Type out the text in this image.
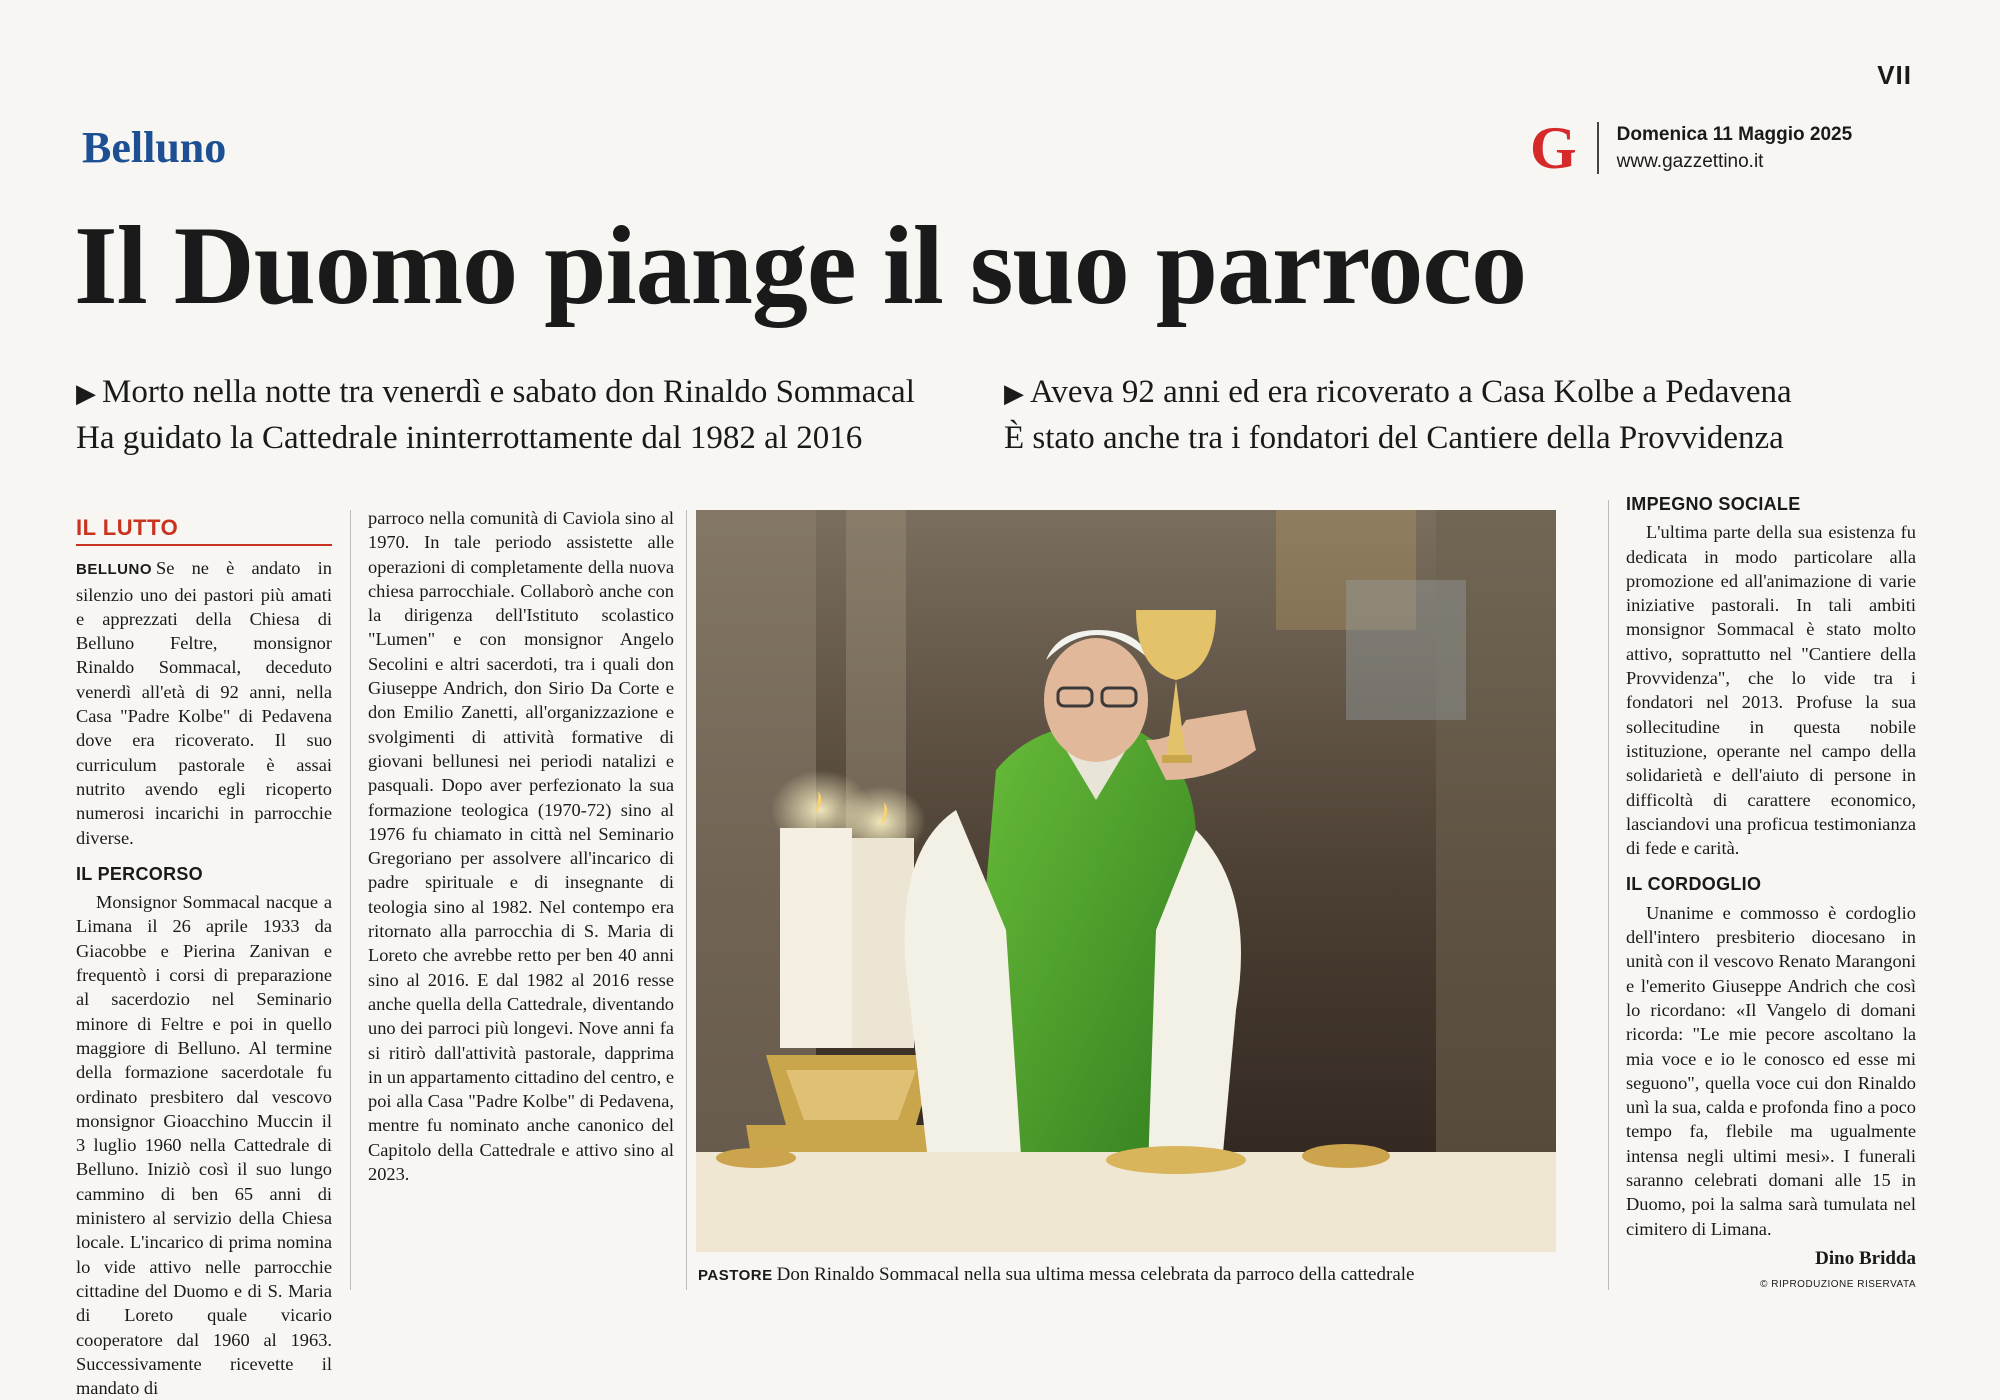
VII
Belluno	G Domenica 11 Maggio 2025
www.gazzettino.it
Il Duomo piange il suo parroco
▶ Morto nella notte tra venerdì e sabato don Rinaldo Sommacal
Ha guidato la Cattedrale ininterrottamente dal 1982 al 2016
▶ Aveva 92 anni ed era ricoverato a Casa Kolbe a Pedavena
È stato anche tra i fondatori del Cantiere della Provvidenza
IL LUTTO

BELLUNO Se ne è andato in silenzio uno dei pastori più amati e apprezzati della Chiesa di Belluno Feltre, monsignor Rinaldo Sommacal, deceduto venerdì all'età di 92 anni, nella Casa "Padre Kolbe" di Pedavena dove era ricoverato. Il suo curriculum pastorale è assai nutrito avendo egli ricoperto numerosi incarichi in parrocchie diverse.

IL PERCORSO

Monsignor Sommacal nacque a Limana il 26 aprile 1933 da Giacobbe e Pierina Zanivan e frequentò i corsi di preparazione al sacerdozio nel Seminario minore di Feltre e poi in quello maggiore di Belluno. Al termine della formazione sacerdotale fu ordinato presbitero dal vescovo monsignor Gioacchino Muccin il 3 luglio 1960 nella Cattedrale di Belluno. Iniziò così il suo lungo cammino di ben 65 anni di ministero al servizio della Chiesa locale. L'incarico di prima nomina lo vide attivo nelle parrocchie cittadine del Duomo e di S. Maria di Loreto quale vicario cooperatore dal 1960 al 1963. Successivamente ricevette il mandato di

parroco nella comunità di Caviola sino al 1970. In tale periodo assistette alle operazioni di completamente della nuova chiesa parrocchiale. Collaborò anche con la dirigenza dell'Istituto scolastico "Lumen" e con monsignor Angelo Secolini e altri sacerdoti, tra i quali don Giuseppe Andrich, don Sirio Da Corte e don Emilio Zanetti, all'organizzazione e svolgimenti di attività formative di giovani bellunesi nei periodi natalizi e pasquali. Dopo aver perfezionato la sua formazione teologica (1970-72) sino al 1976 fu chiamato in città nel Seminario Gregoriano per assolvere all'incarico di padre spirituale e di insegnante di teologia sino al 1982. Nel contempo era ritornato alla parrocchia di S. Maria di Loreto che avrebbe retto per ben 40 anni sino al 2016. E dal 1982 al 2016 resse anche quella della Cattedrale, diventando uno dei parroci più longevi. Nove anni fa si ritirò dall'attività pastorale, dapprima in un appartamento cittadino del centro, e poi alla Casa "Padre Kolbe" di Pedavena, mentre fu nominato anche canonico del Capitolo della Cattedrale e attivo sino al 2023.

PASTORE Don Rinaldo Sommacal nella sua ultima messa celebrata da parroco della cattedrale
IMPEGNO SOCIALE

L'ultima parte della sua esistenza fu dedicata in modo particolare alla promozione ed all'animazione di varie iniziative pastorali. In tali ambiti monsignor Sommacal è stato molto attivo, soprattutto nel "Cantiere della Provvidenza", che lo vide tra i fondatori nel 2013. Profuse la sua sollecitudine in questa nobile istituzione, operante nel campo della solidarietà e dell'aiuto di persone in difficoltà di carattere economico, lasciandovi una proficua testimonianza di fede e carità.

IL CORDOGLIO

Unanime e commosso è cordoglio dell'intero presbiterio diocesano in unità con il vescovo Renato Marangoni e l'emerito Giuseppe Andrich che così lo ricordano: «Il Vangelo di domani ricorda: "Le mie pecore ascoltano la mia voce e io le conosco ed esse mi seguono", quella voce cui don Rinaldo unì la sua, calda e profonda fino a poco tempo fa, flebile ma ugualmente intensa negli ultimi mesi». I funerali saranno celebrati domani alle 15 in Duomo, poi la salma sarà tumulata nel cimitero di Limana.

Dino Bridda
© RIPRODUZIONE RISERVATA
